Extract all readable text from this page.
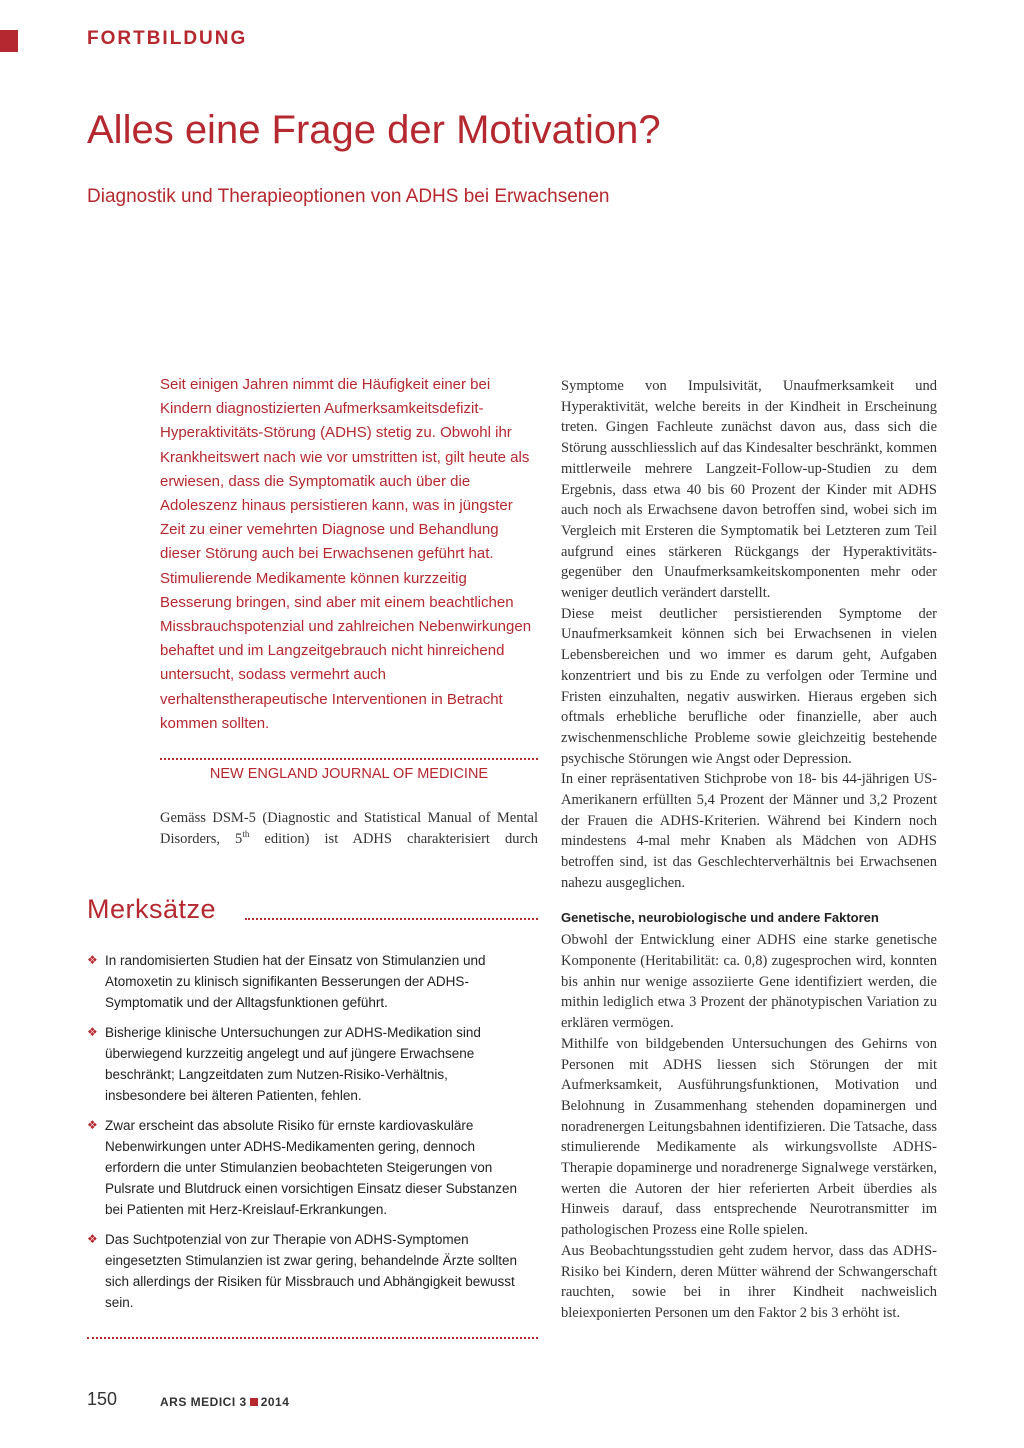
FORTBILDUNG
Alles eine Frage der Motivation?
Diagnostik und Therapieoptionen von ADHS bei Erwachsenen
Seit einigen Jahren nimmt die Häufigkeit einer bei Kindern diagnostizierten Aufmerksamkeitsdefizit-Hyperaktivitäts-Störung (ADHS) stetig zu. Obwohl ihr Krankheitswert nach wie vor umstritten ist, gilt heute als erwiesen, dass die Symptomatik auch über die Adoleszenz hinaus persistieren kann, was in jüngster Zeit zu einer vemehrten Diagnose und Behandlung dieser Störung auch bei Erwachsenen geführt hat. Stimulierende Medikamente können kurzzeitig Besserung bringen, sind aber mit einem beachtlichen Missbrauchspotenzial und zahlreichen Nebenwirkungen behaftet und im Langzeitgebrauch nicht hinreichend untersucht, sodass vermehrt auch verhaltenstherapeutische Interventionen in Betracht kommen sollten.
NEW ENGLAND JOURNAL OF MEDICINE
Gemäss DSM-5 (Diagnostic and Statistical Manual of Mental Disorders, 5th edition) ist ADHS charakterisiert durch
Merksätze
❖ In randomisierten Studien hat der Einsatz von Stimulanzien und Atomoxetin zu klinisch signifikanten Besserungen der ADHS-Symptomatik und der Alltagsfunktionen geführt.
❖ Bisherige klinische Untersuchungen zur ADHS-Medikation sind überwiegend kurzzeitig angelegt und auf jüngere Erwachsene beschränkt; Langzeitdaten zum Nutzen-Risiko-Verhältnis, insbesondere bei älteren Patienten, fehlen.
❖ Zwar erscheint das absolute Risiko für ernste kardiovaskuläre Nebenwirkungen unter ADHS-Medikamenten gering, dennoch erfordern die unter Stimulanzien beobachteten Steigerungen von Pulsrate und Blutdruck einen vorsichtigen Einsatz dieser Substanzen bei Patienten mit Herz-Kreislauf-Erkrankungen.
❖ Das Suchtpotenzial von zur Therapie von ADHS-Symptomen eingesetzten Stimulanzien ist zwar gering, behandelnde Ärzte sollten sich allerdings der Risiken für Missbrauch und Abhängigkeit bewusst sein.

Symptome von Impulsivität, Unaufmerksamkeit und Hyperaktivität, welche bereits in der Kindheit in Erscheinung treten. Gingen Fachleute zunächst davon aus, dass sich die Störung ausschliesslich auf das Kindesalter beschränkt, kommen mittlerweile mehrere Langzeit-Follow-up-Studien zu dem Ergebnis, dass etwa 40 bis 60 Prozent der Kinder mit ADHS auch noch als Erwachsene davon betroffen sind, wobei sich im Vergleich mit Ersteren die Symptomatik bei Letzteren zum Teil aufgrund eines stärkeren Rückgangs der Hyperaktivitäts- gegenüber den Unaufmerksamkeitskomponenten mehr oder weniger deutlich verändert darstellt.

Diese meist deutlicher persistierenden Symptome der Unaufmerksamkeit können sich bei Erwachsenen in vielen Lebensbereichen und wo immer es darum geht, Aufgaben konzentriert und bis zu Ende zu verfolgen oder Termine und Fristen einzuhalten, negativ auswirken. Hieraus ergeben sich oftmals erhebliche berufliche oder finanzielle, aber auch zwischenmenschliche Probleme sowie gleichzeitig bestehende psychische Störungen wie Angst oder Depression.

In einer repräsentativen Stichprobe von 18- bis 44-jährigen US-Amerikanern erfüllten 5,4 Prozent der Männer und 3,2 Prozent der Frauen die ADHS-Kriterien. Während bei Kindern noch mindestens 4-mal mehr Knaben als Mädchen von ADHS betroffen sind, ist das Geschlechterverhältnis bei Erwachsenen nahezu ausgeglichen.

Genetische, neurobiologische und andere Faktoren

Obwohl der Entwicklung einer ADHS eine starke genetische Komponente (Heritabilität: ca. 0,8) zugesprochen wird, konnten bis anhin nur wenige assoziierte Gene identifiziert werden, die mithin lediglich etwa 3 Prozent der phänotypischen Variation zu erklären vermögen.

Mithilfe von bildgebenden Untersuchungen des Gehirns von Personen mit ADHS liessen sich Störungen der mit Aufmerksamkeit, Ausführungsfunktionen, Motivation und Belohnung in Zusammenhang stehenden dopaminergen und noradrenergen Leitungsbahnen identifizieren. Die Tatsache, dass stimulierende Medikamente als wirkungsvollste ADHS-Therapie dopaminerge und noradrenerge Signalwege verstärken, werten die Autoren der hier referierten Arbeit überdies als Hinweis darauf, dass entsprechende Neurotransmitter im pathologischen Prozess eine Rolle spielen.

Aus Beobachtungsstudien geht zudem hervor, dass das ADHS-Risiko bei Kindern, deren Mütter während der Schwangerschaft rauchten, sowie bei in ihrer Kindheit nachweislich bleiexponierten Personen um den Faktor 2 bis 3 erhöht ist.

150	ARS MEDICI 3 2014
